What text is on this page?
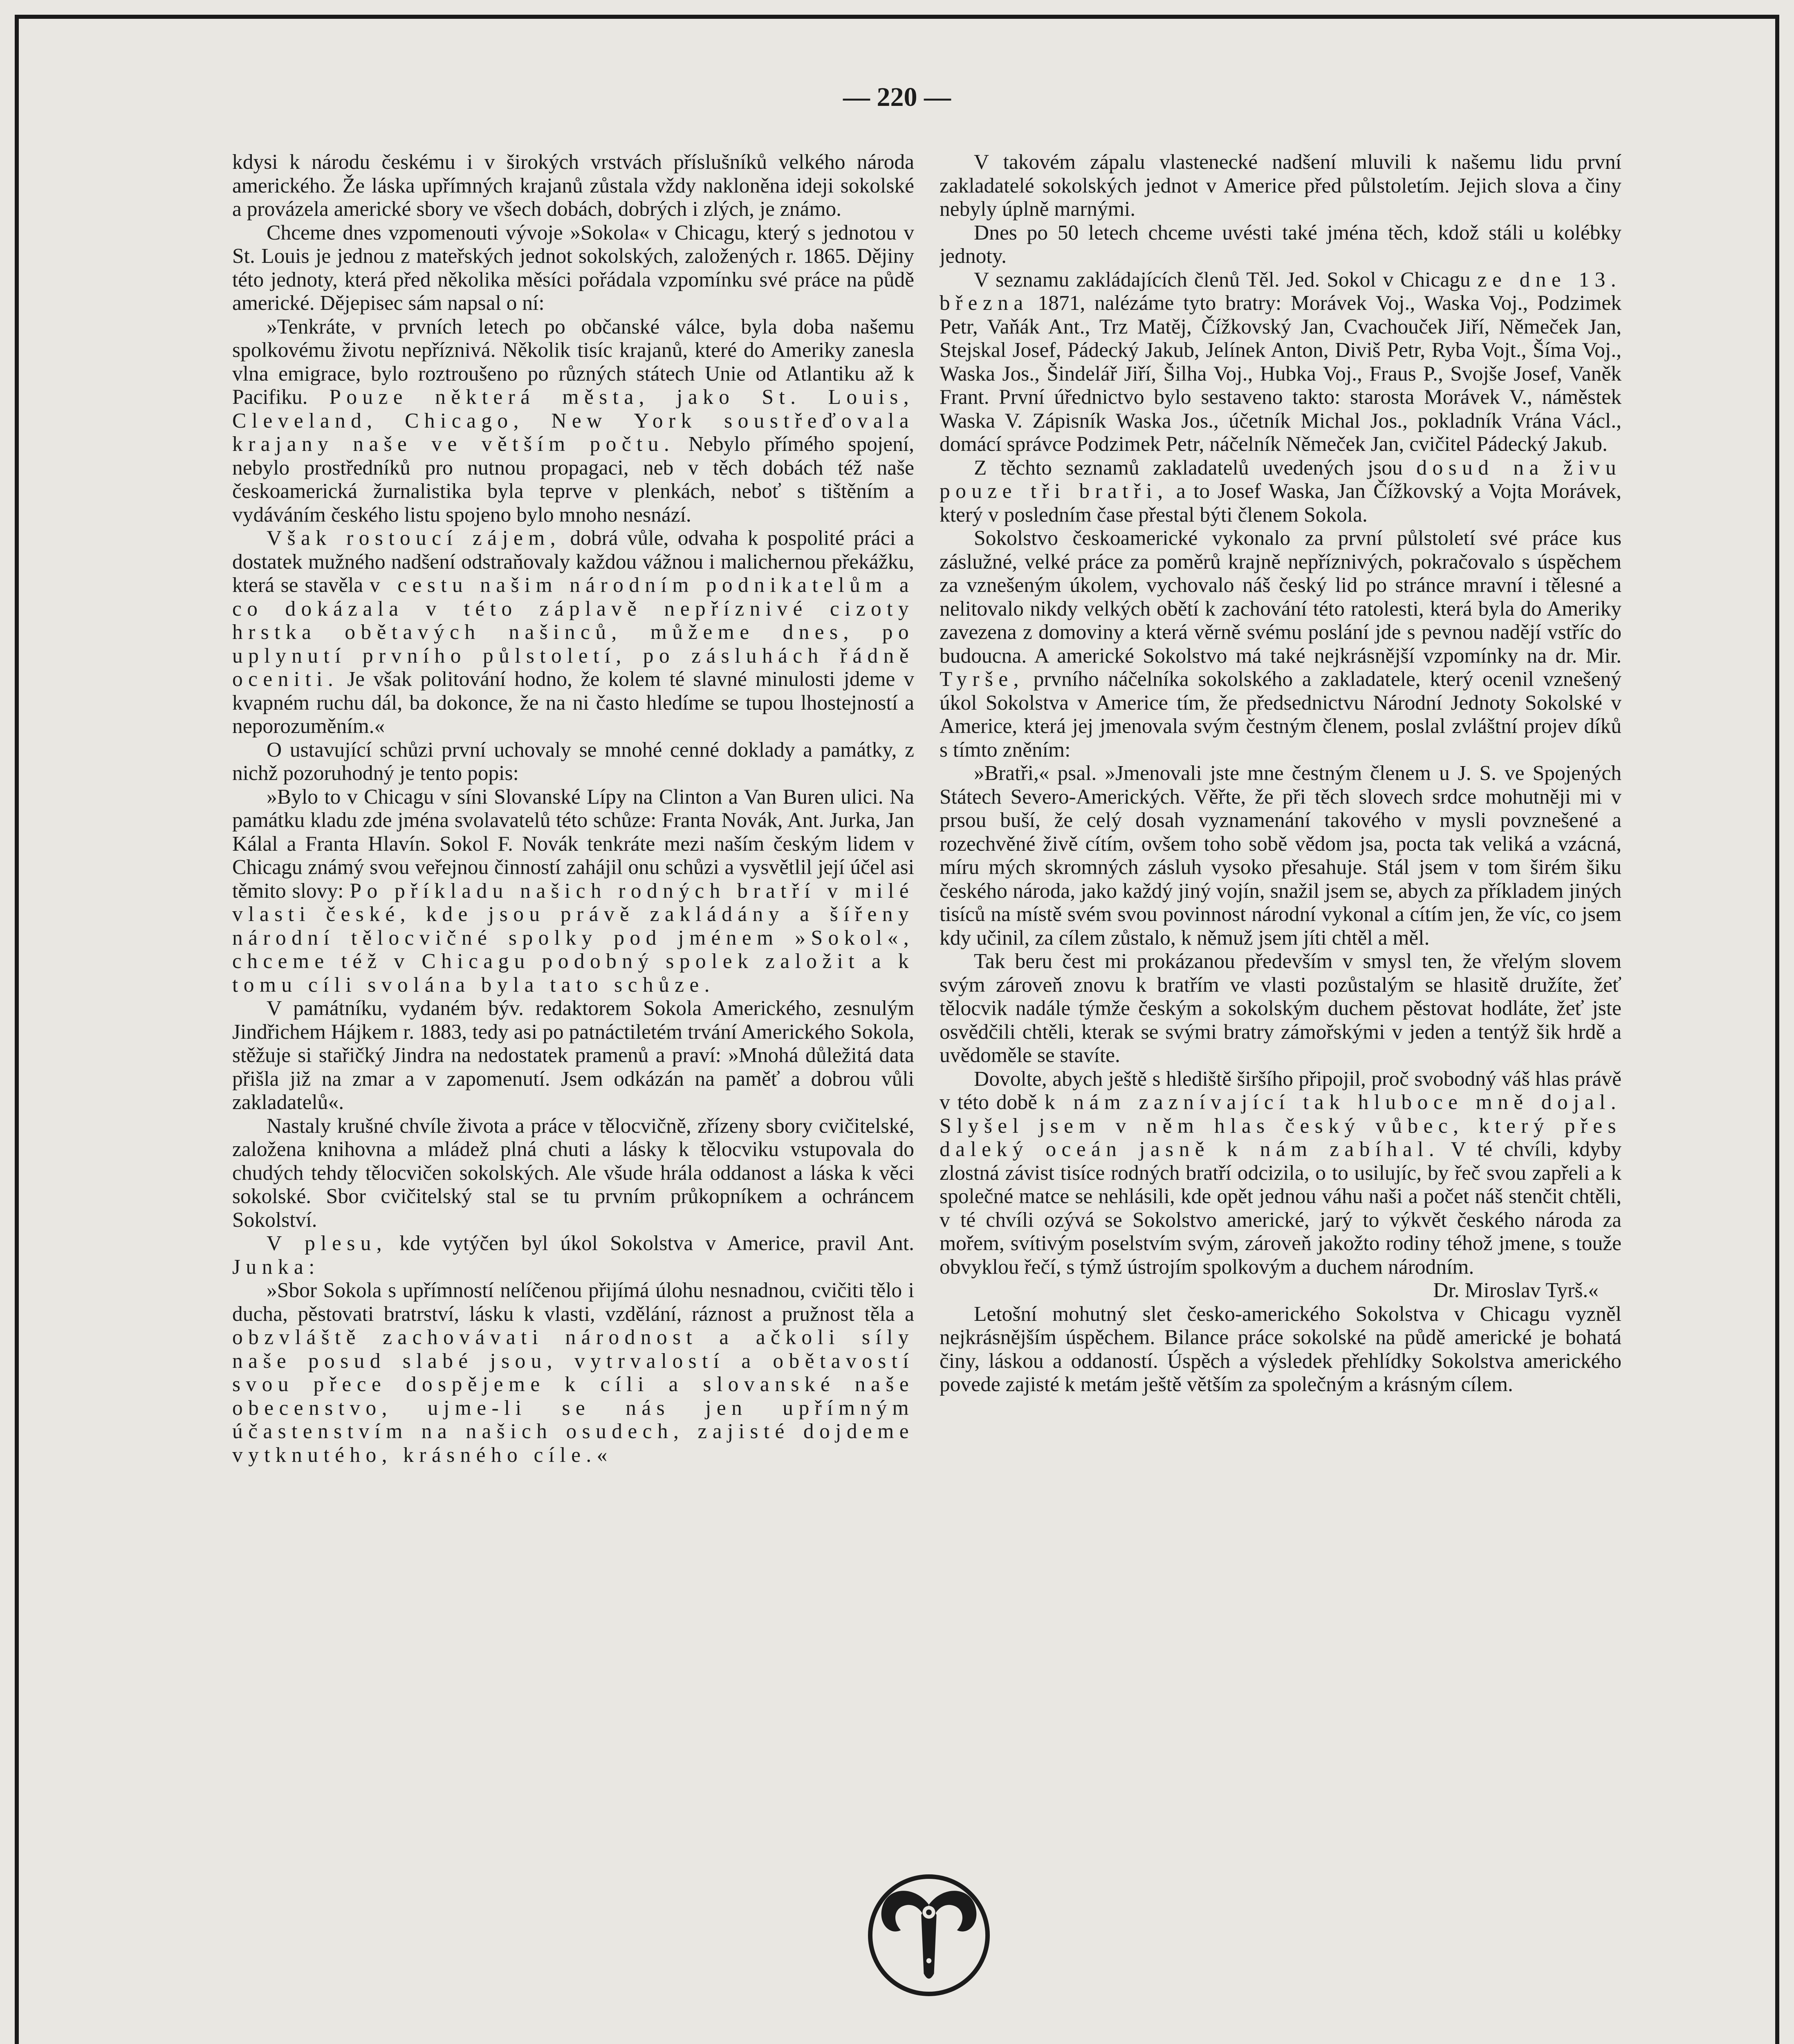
— 220 —

kdysi k národu českému i v širokých vrstvách příslušníků velkého národa amerického. Že láska upřímných krajanů zůstala vždy nakloněna ideji sokolské a provázela americké sbory ve všech dobách, dobrých i zlých, je známo.

Chceme dnes vzpomenouti vývoje »Sokola« v Chicagu, který s jednotou v St. Louis je jednou z mateřských jednot sokolských, založených r. 1865. Dějiny této jednoty, která před několika měsíci pořádala vzpomínku své práce na půdě americké. Dějepisec sám napsal o ní:

»Tenkráte, v prvních letech po občanské válce, byla doba našemu spolkovému životu nepříznivá. Několik tisíc krajanů, které do Ameriky zanesla vlna emigrace, bylo roztroušeno po různých státech Unie od Atlantiku až k Pacifiku. Pouze některá města, jako St. Louis, Cleveland, Chicago, New York soustřeďovala krajany naše ve větším počtu. Nebylo přímého spojení, nebylo prostředníků pro nutnou propagaci, neb v těch dobách též naše českoamerická žurnalistika byla teprve v plenkách, neboť s tištěním a vydáváním českého listu spojeno bylo mnoho nesnází.

Však rostoucí zájem, dobrá vůle, odvaha k pospolité práci a dostatek mužného nadšení odstraňovaly každou vážnou i malichernou překážku, která se stavěla v cestu našim národním podnikatelům a co dokázala v této záplavě nepříznivé cizoty hrstka obětavých našinců, můžeme dnes, po uplynutí prvního půlstoletí, po zásluhách řádně oceniti. Je však politování hodno, že kolem té slavné minulosti jdeme v kvapném ruchu dál, ba dokonce, že na ni často hledíme se tupou lhostejností a neporozuměním.«

O ustavující schůzi první uchovaly se mnohé cenné doklady a památky, z nichž pozoruhodný je tento popis:

»Bylo to v Chicagu v síni Slovanské Lípy na Clinton a Van Buren ulici. Na památku kladu zde jména svolavatelů této schůze: Franta Novák, Ant. Jurka, Jan Kálal a Franta Hlavín. Sokol F. Novák tenkráte mezi naším českým lidem v Chicagu známý svou veřejnou činností zahájil onu schůzi a vysvětlil její účel asi těmito slovy: Po příkladu našich rodných bratří v milé vlasti české, kde jsou právě zakládány a šířeny národní tělocvičné spolky pod jménem »Sokol«, chceme též v Chicagu podobný spolek založit a k tomu cíli svolána byla tato schůze.

V památníku, vydaném býv. redaktorem Sokola Amerického, zesnulým Jindřichem Hájkem r. 1883, tedy asi po patnáctiletém trvání Amerického Sokola, stěžuje si stařičký Jindra na nedostatek pramenů a praví: »Mnohá důležitá data přišla již na zmar a v zapomenutí. Jsem odkázán na paměť a dobrou vůli zakladatelů«.

Nastaly krušné chvíle života a práce v tělocvičně, zřízeny sbory cvičitelské, založena knihovna a mládež plná chuti a lásky k tělocviku vstupovala do chudých tehdy tělocvičen sokolských. Ale všude hrála oddanost a láska k věci sokolské. Sbor cvičitelský stal se tu prvním průkopníkem a ochráncem Sokolství.

V plesu, kde vytýčen byl úkol Sokolstva v Americe, pravil Ant. Junka:

»Sbor Sokola s upřímností nelíčenou přijímá úlohu nesnadnou, cvičiti tělo i ducha, pěstovati bratrství, lásku k vlasti, vzdělání, ráznost a pružnost těla a obzvláště zachovávati národnost a ačkoli síly naše posud slabé jsou, vytrvalostí a obětavostí svou přece dospějeme k cíli a slovanské naše obecenstvo, ujme-li se nás jen upřímným účastenstvím na našich osudech, zajisté dojdeme vytknutého, krásného cíle.«

V takovém zápalu vlastenecké nadšení mluvili k našemu lidu první zakladatelé sokolských jednot v Americe před půlstoletím. Jejich slova a činy nebyly úplně marnými.

Dnes po 50 letech chceme uvésti také jména těch, kdož stáli u kolébky jednoty.

V seznamu zakládajících členů Těl. Jed. Sokol v Chicagu ze dne 13. března 1871, nalézáme tyto bratry: Morávek Voj., Waska Voj., Podzimek Petr, Vaňák Ant., Trz Matěj, Čížkovský Jan, Cvachouček Jiří, Němeček Jan, Stejskal Josef, Pádecký Jakub, Jelínek Anton, Diviš Petr, Ryba Vojt., Šíma Voj., Waska Jos., Šindelář Jiří, Šilha Voj., Hubka Voj., Fraus P., Svojše Josef, Vaněk Frant. První úřednictvo bylo sestaveno takto: starosta Morávek V., náměstek Waska V. Zápisník Waska Jos., účetník Michal Jos., pokladník Vrána Václ., domácí správce Podzimek Petr, náčelník Němeček Jan, cvičitel Pádecký Jakub.

Z těchto seznamů zakladatelů uvedených jsou dosud na živu pouze tři bratři, a to Josef Waska, Jan Čížkovský a Vojta Morávek, který v posledním čase přestal býti členem Sokola.

Sokolstvo českoamerické vykonalo za první půlstoletí své práce kus záslužné, velké práce za poměrů krajně nepříznivých, pokračovalo s úspěchem za vznešeným úkolem, vychovalo náš český lid po stránce mravní i tělesné a nelitovalo nikdy velkých obětí k zachování této ratolesti, která byla do Ameriky zavezena z domoviny a která věrně svému poslání jde s pevnou nadějí vstříc do budoucna. A americké Sokolstvo má také nejkrásnější vzpomínky na dr. Mir. Tyrše, prvního náčelníka sokolského a zakladatele, který ocenil vznešený úkol Sokolstva v Americe tím, že předsednictvu Národní Jednoty Sokolské v Americe, která jej jmenovala svým čestným členem, poslal zvláštní projev díků s tímto zněním:

»Bratři,« psal. »Jmenovali jste mne čestným členem u J. S. ve Spojených Státech Severo-Amerických. Věřte, že při těch slovech srdce mohutněji mi v prsou buší, že celý dosah vyznamenání takového v mysli povznešené a rozechvěné živě cítím, ovšem toho sobě vědom jsa, pocta tak veliká a vzácná, míru mých skromných zásluh vysoko přesahuje. Stál jsem v tom širém šiku českého národa, jako každý jiný vojín, snažil jsem se, abych za příkladem jiných tisíců na místě svém svou povinnost národní vykonal a cítím jen, že víc, co jsem kdy učinil, za cílem zůstalo, k němuž jsem jíti chtěl a měl.

Tak beru čest mi prokázanou především v smysl ten, že vřelým slovem svým zároveň znovu k bratřím ve vlasti pozůstalým se hlasitě družíte, žeť tělocvik nadále týmže českým a sokolským duchem pěstovat hodláte, žeť jste osvědčili chtěli, kterak se svými bratry zámořskými v jeden a tentýž šik hrdě a uvědoměle se stavíte.

Dovolte, abych ještě s hlediště širšího připojil, proč svobodný váš hlas právě v této době k nám zaznívající tak hluboce mně dojal. Slyšel jsem v něm hlas český vůbec, který přes daleký oceán jasně k nám zabíhal. V té chvíli, kdyby zlostná závist tisíce rodných bratří odcizila, o to usilujíc, by řeč svou zapřeli a k společné matce se nehlásili, kde opět jednou váhu naši a počet náš stenčit chtěli, v té chvíli ozývá se Sokolstvo americké, jarý to výkvět českého národa za mořem, svítivým poselstvím svým, zároveň jakožto rodiny téhož jmene, s touže obvyklou řečí, s týmž ústrojím spolkovým a duchem národním.

Dr. Miroslav Tyrš.«

Letošní mohutný slet česko-amerického Sokolstva v Chicagu vyzněl nejkrásnějším úspěchem. Bilance práce sokolské na půdě americké je bohatá činy, láskou a oddaností. Úspěch a výsledek přehlídky Sokolstva amerického povede zajisté k metám ještě větším za společným a krásným cílem.
